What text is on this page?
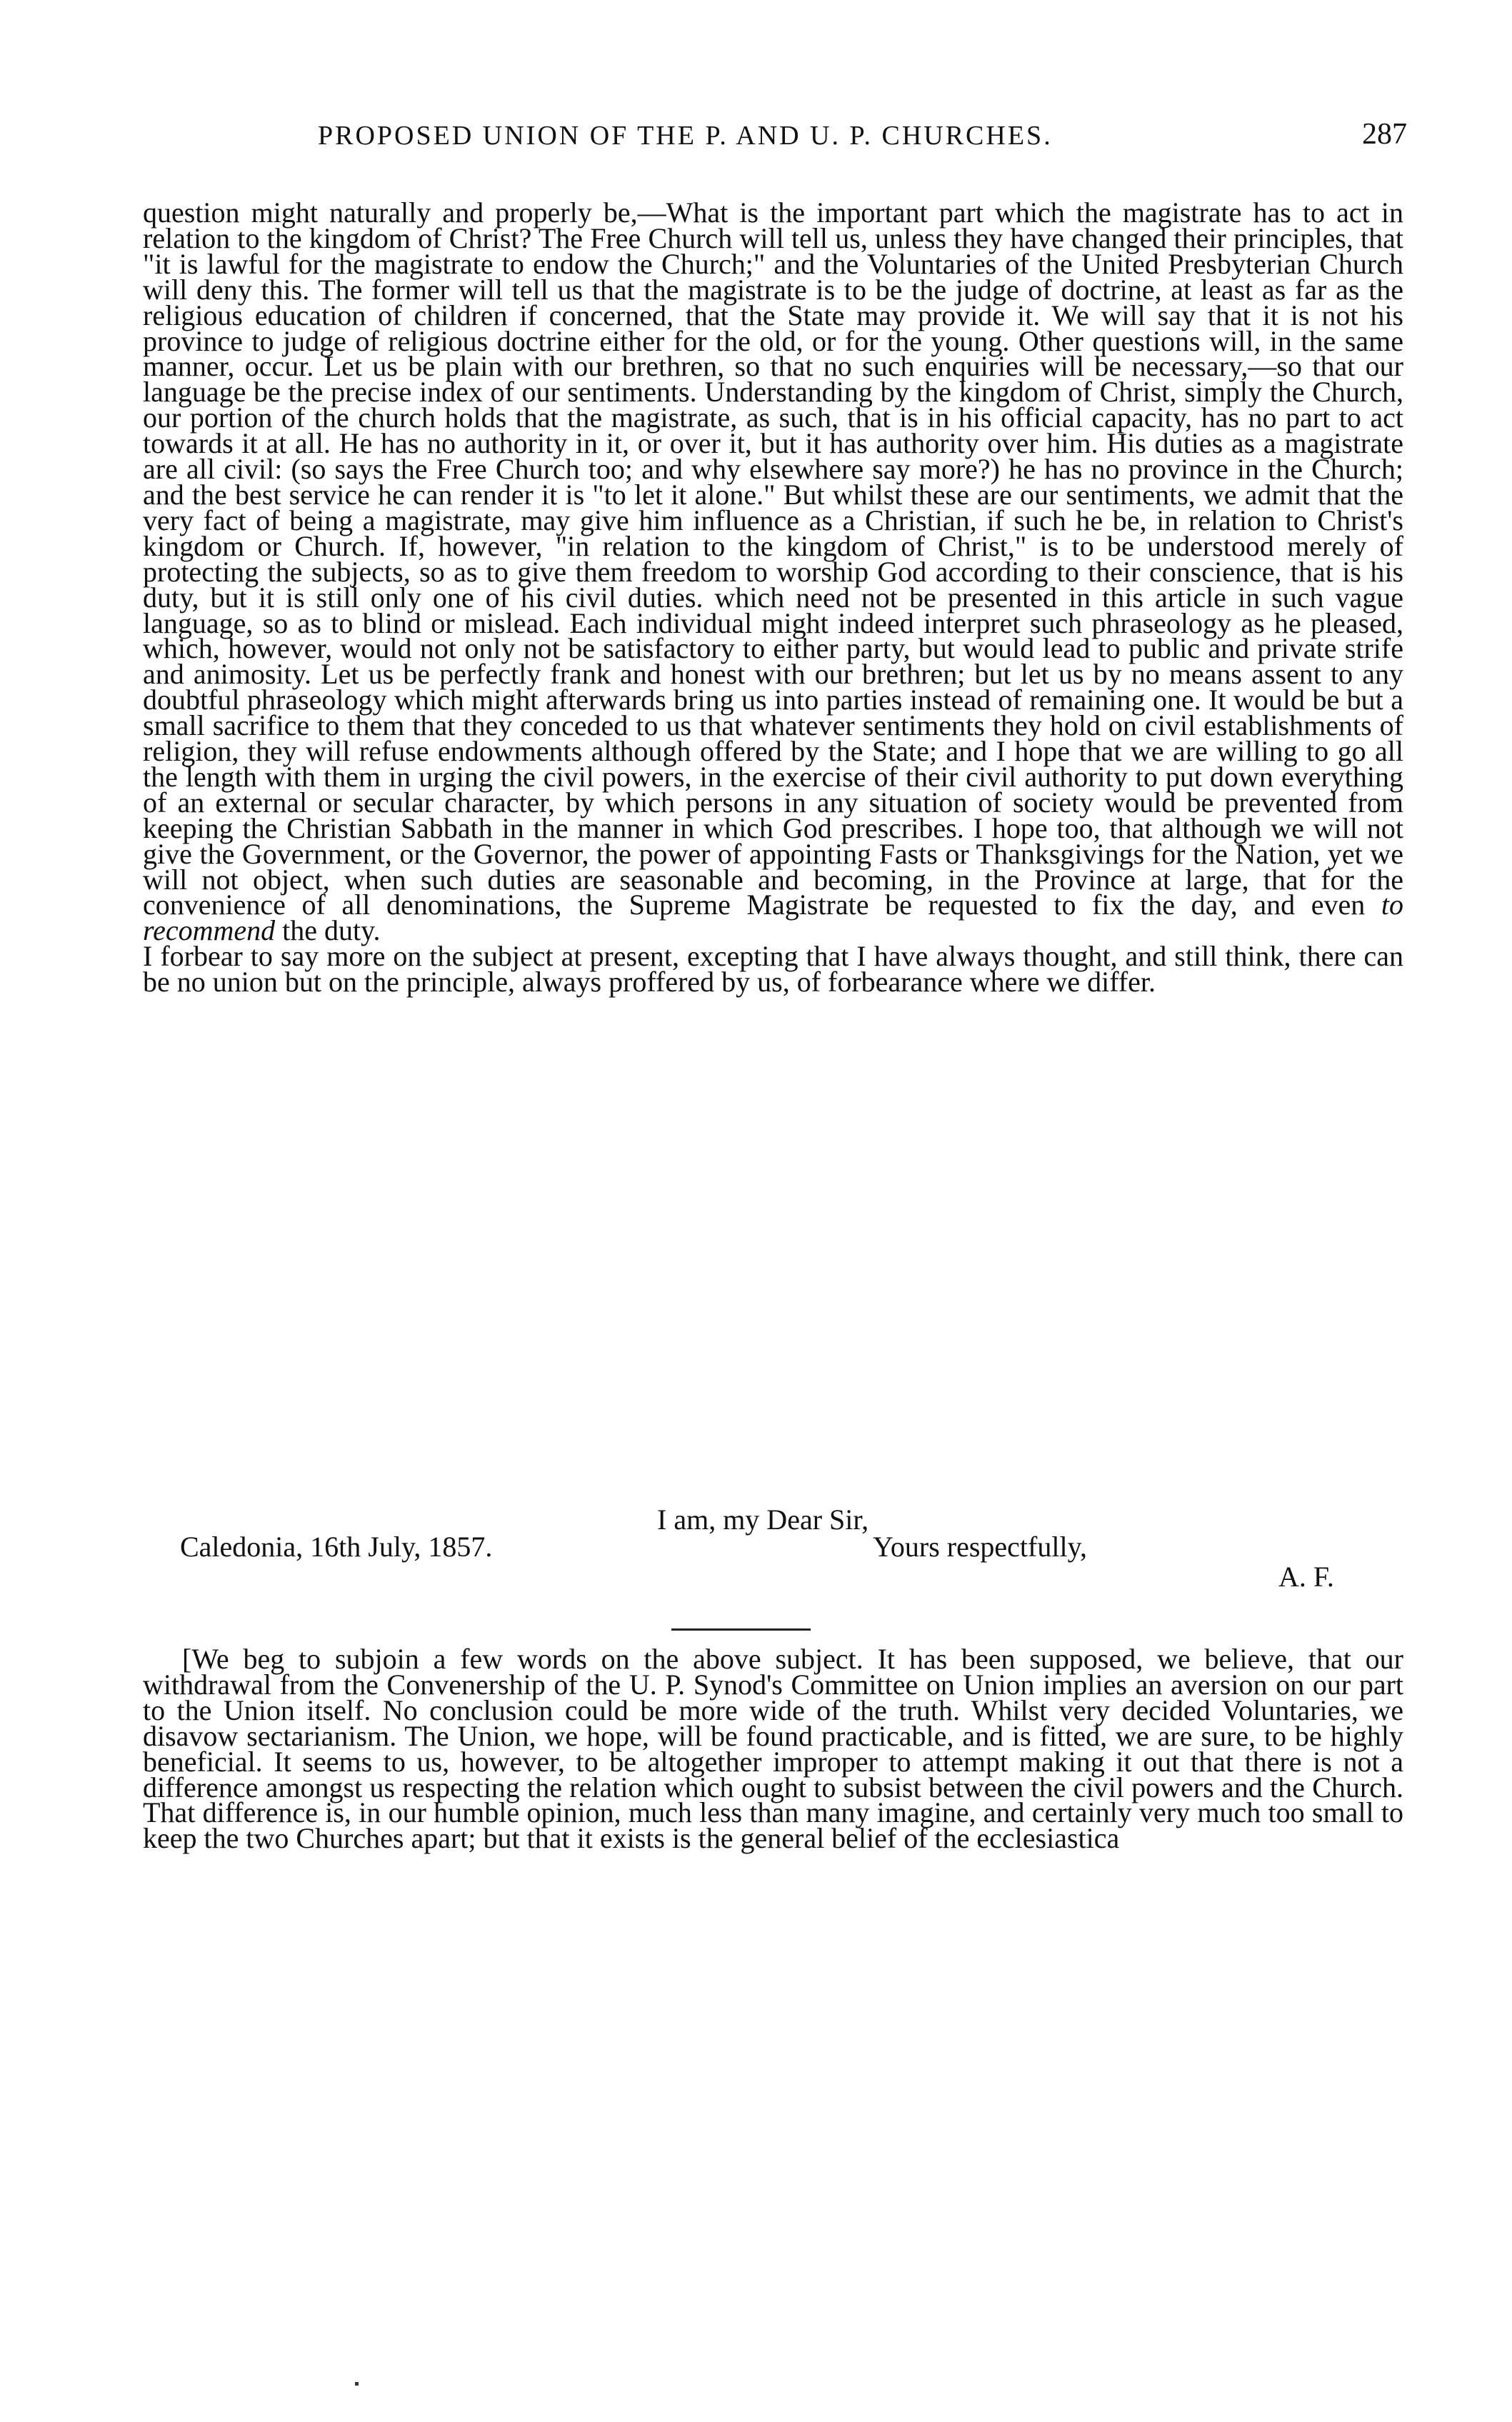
PROPOSED UNION OF THE P. AND U. P. CHURCHES.	287

question might naturally and properly be,—What is the important part which the magistrate has to act in relation to the kingdom of Christ? The Free Church will tell us, unless they have changed their principles, that "it is lawful for the magistrate to endow the Church;" and the Voluntaries of the United Presbyterian Church will deny this. The former will tell us that the magistrate is to be the judge of doctrine, at least as far as the religious education of children if concerned, that the State may provide it. We will say that it is not his province to judge of religious doctrine either for the old, or for the young. Other questions will, in the same manner, occur. Let us be plain with our brethren, so that no such enquiries will be necessary,—so that our language be the precise index of our sentiments. Understanding by the kingdom of Christ, simply the Church, our portion of the church holds that the magistrate, as such, that is in his official capacity, has no part to act towards it at all. He has no authority in it, or over it, but it has authority over him. His duties as a magistrate are all civil: (so says the Free Church too; and why elsewhere say more?) he has no province in the Church; and the best service he can render it is "to let it alone." But whilst these are our sentiments, we admit that the very fact of being a magistrate, may give him influence as a Christian, if such he be, in relation to Christ's kingdom or Church. If, however, "in relation to the kingdom of Christ," is to be understood merely of protecting the subjects, so as to give them freedom to worship God according to their conscience, that is his duty, but it is still only one of his civil duties. which need not be presented in this article in such vague language, so as to blind or mislead. Each individual might indeed interpret such phraseology as he pleased, which, however, would not only not be satisfactory to either party, but would lead to public and private strife and animosity. Let us be perfectly frank and honest with our brethren; but let us by no means assent to any doubtful phraseology which might afterwards bring us into parties instead of remaining one. It would be but a small sacrifice to them that they conceded to us that whatever sentiments they hold on civil establishments of religion, they will refuse endowments although offered by the State; and I hope that we are willing to go all the length with them in urging the civil powers, in the exercise of their civil authority to put down everything of an external or secular character, by which persons in any situation of society would be prevented from keeping the Christian Sabbath in the manner in which God prescribes. I hope too, that although we will not give the Government, or the Governor, the power of appointing Fasts or Thanksgivings for the Nation, yet we will not object, when such duties are seasonable and becoming, in the Province at large, that for the convenience of all denominations, the Supreme Magistrate be requested to fix the day, and even to recommend the duty.

I forbear to say more on the subject at present, excepting that I have always thought, and still think, there can be no union but on the principle, always proffered by us, of forbearance where we differ.

I am, my Dear Sir,
Caledonia, 16th July, 1857.	Yours respectfully,
A. F.

[We beg to subjoin a few words on the above subject. It has been supposed, we believe, that our withdrawal from the Convenership of the U. P. Synod's Committee on Union implies an aversion on our part to the Union itself. No conclusion could be more wide of the truth. Whilst very decided Voluntaries, we disavow sectarianism. The Union, we hope, will be found practicable, and is fitted, we are sure, to be highly beneficial. It seems to us, however, to be altogether improper to attempt making it out that there is not a difference amongst us respecting the relation which ought to subsist between the civil powers and the Church. That difference is, in our humble opinion, much less than many imagine, and certainly very much too small to keep the two Churches apart; but that it exists is the general belief of the ecclesiastica
